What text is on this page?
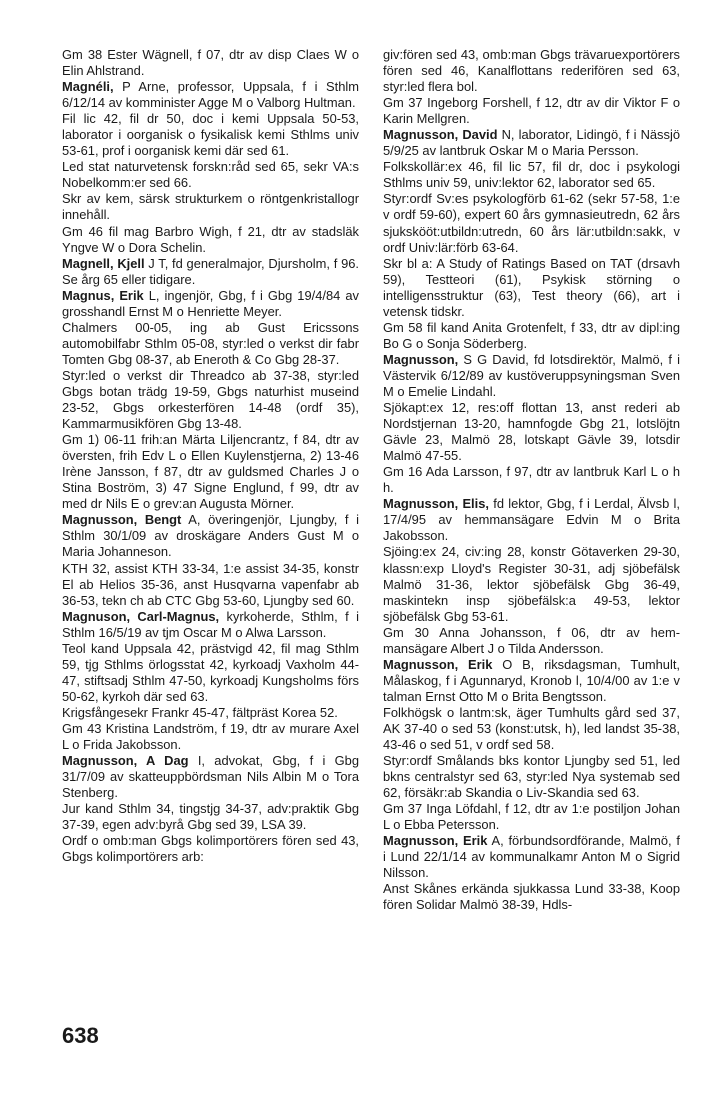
Gm 38 Ester Wägnell, f 07, dtr av disp Claes W o Elin Ahlstrand.

Magnéli, P Arne, professor, Uppsala, f i Sthlm 6/12/14 av komminister Agge M o Valborg Hultman.

Fil lic 42, fil dr 50, doc i kemi Uppsala 50-53, laborator i oorganisk o fysikalisk kemi Sthlms univ 53-61, prof i oorganisk kemi där sed 61.

Led stat naturvetensk forskn:råd sed 65, sekr VA:s Nobelkomm:er sed 66.

Skr av kem, särsk strukturkem o röntgenkristallogr innehåll.

Gm 46 fil mag Barbro Wigh, f 21, dtr av stadsläk Yngve W o Dora Schelin.

Magnell, Kjell J T, fd generalmajor, Djursholm, f 96. Se årg 65 eller tidigare.

Magnus, Erik L, ingenjör, Gbg, f i Gbg 19/4/84 av grosshandl Ernst M o Henriette Meyer.

Chalmers 00-05, ing ab Gust Ericssons automobilfabr Sthlm 05-08, styr:led o verkst dir fabr Tomten Gbg 08-37, ab Eneroth & Co Gbg 28-37.

Styr:led o verkst dir Threadco ab 37-38, styr:led Gbgs botan trädg 19-59, Gbgs naturhist museind 23-52, Gbgs orkesterfören 14-48 (ordf 35), Kammarmusikfören Gbg 13-48.

Gm 1) 06-11 frih:an Märta Liljencrantz, f 84, dtr av översten, frih Edv L o Ellen Kuylenstjerna, 2) 13-46 Irène Jansson, f 87, dtr av guldsmed Charles J o Stina Boström, 3) 47 Signe Englund, f 99, dtr av med dr Nils E o grev:an Augusta Mörner.

Magnusson, Bengt A, överingenjör, Ljungby, f i Sthlm 30/1/09 av droskägare Anders Gust M o Maria Johanneson.

KTH 32, assist KTH 33-34, 1:e assist 34-35, konstr El ab Helios 35-36, anst Husqvarna vapenfabr ab 36-53, tekn ch ab CTC Gbg 53-60, Ljungby sed 60.

Magnuson, Carl-Magnus, kyrkoherde, Sthlm, f i Sthlm 16/5/19 av tjm Oscar M o Alwa Larsson.

Teol kand Uppsala 42, prästvigd 42, fil mag Sthlm 59, tjg Sthlms örlogsstat 42, kyrkoadj Vaxholm 44-47, stiftsadj Sthlm 47-50, kyrkoadj Kungsholms förs 50-62, kyrkoh där sed 63.

Krigsfångesekr Frankr 45-47, fältpräst Korea 52.

Gm 43 Kristina Landström, f 19, dtr av murare Axel L o Frida Jakobsson.

Magnusson, A Dag I, advokat, Gbg, f i Gbg 31/7/09 av skatteuppbördsman Nils Albin M o Tora Stenberg.

Jur kand Sthlm 34, tingstjg 34-37, adv:praktik Gbg 37-39, egen adv:byrå Gbg sed 39, LSA 39.

Ordf o omb:man Gbgs kolimportörers fören sed 43, Gbgs kolimportörers arb:

giv:fören sed 43, omb:man Gbgs trävaruexportörers fören sed 46, Kanalflottans rederifören sed 63, styr:led flera bol.

Gm 37 Ingeborg Forshell, f 12, dtr av dir Viktor F o Karin Mellgren.

Magnusson, David N, laborator, Lidingö, f i Nässjö 5/9/25 av lantbruk Oskar M o Maria Persson.

Folkskollär:ex 46, fil lic 57, fil dr, doc i psykologi Sthlms univ 59, univ:lektor 62, laborator sed 65.

Styr:ordf Sv:es psykologförb 61-62 (sekr 57-58, 1:e v ordf 59-60), expert 60 års gymnasieutredn, 62 års sjukskööt:utbildn:utredn, 60 års lär:utbildn:sakk, v ordf Univ:lär:förb 63-64.

Skr bl a: A Study of Ratings Based on TAT (drsavh 59), Testteori (61), Psykisk störning o intelligensstruktur (63), Test theory (66), art i vetensk tidskr.

Gm 58 fil kand Anita Grotenfelt, f 33, dtr av dipl:ing Bo G o Sonja Söderberg.

Magnusson, S G David, fd lotsdirektör, Malmö, f i Västervik 6/12/89 av kustöveruppsyningsman Sven M o Emelie Lindahl.

Sjökapt:ex 12, res:off flottan 13, anst rederi ab Nordstjernan 13-20, hamnfogde Gbg 21, lotslöjtn Gävle 23, Malmö 28, lotskapt Gävle 39, lotsdir Malmö 47-55.

Gm 16 Ada Larsson, f 97, dtr av lantbruk Karl L o h h.

Magnusson, Elis, fd lektor, Gbg, f i Lerdal, Älvsb l, 17/4/95 av hemmansägare Edvin M o Brita Jakobsson.

Sjöing:ex 24, civ:ing 28, konstr Götaverken 29-30, klassn:exp Lloyd's Register 30-31, adj sjöbefälsk Malmö 31-36, lektor sjöbefälsk Gbg 36-49, maskintekn insp sjöbefälsk:a 49-53, lektor sjöbefälsk Gbg 53-61.

Gm 30 Anna Johansson, f 06, dtr av hemmansägare Albert J o Tilda Andersson.

Magnusson, Erik O B, riksdagsman, Tumhult, Målaskog, f i Agunnaryd, Kronob l, 10/4/00 av 1:e v talman Ernst Otto M o Brita Bengtsson.

Folkhögsk o lantm:sk, äger Tumhults gård sed 37, AK 37-40 o sed 53 (konst:utsk, h), led landst 35-38, 43-46 o sed 51, v ordf sed 58.

Styr:ordf Smålands bks kontor Ljungby sed 51, led bkns centralstyr sed 63, styr:led Nya systemab sed 62, försäkr:ab Skandia o Liv-Skandia sed 63.

Gm 37 Inga Löfdahl, f 12, dtr av 1:e postiljon Johan L o Ebba Petersson.

Magnusson, Erik A, förbundsordförande, Malmö, f i Lund 22/1/14 av kommunalkamr Anton M o Sigrid Nilsson.

Anst Skånes erkända sjukkassa Lund 33-38, Koop fören Solidar Malmö 38-39, Hdls-

638
